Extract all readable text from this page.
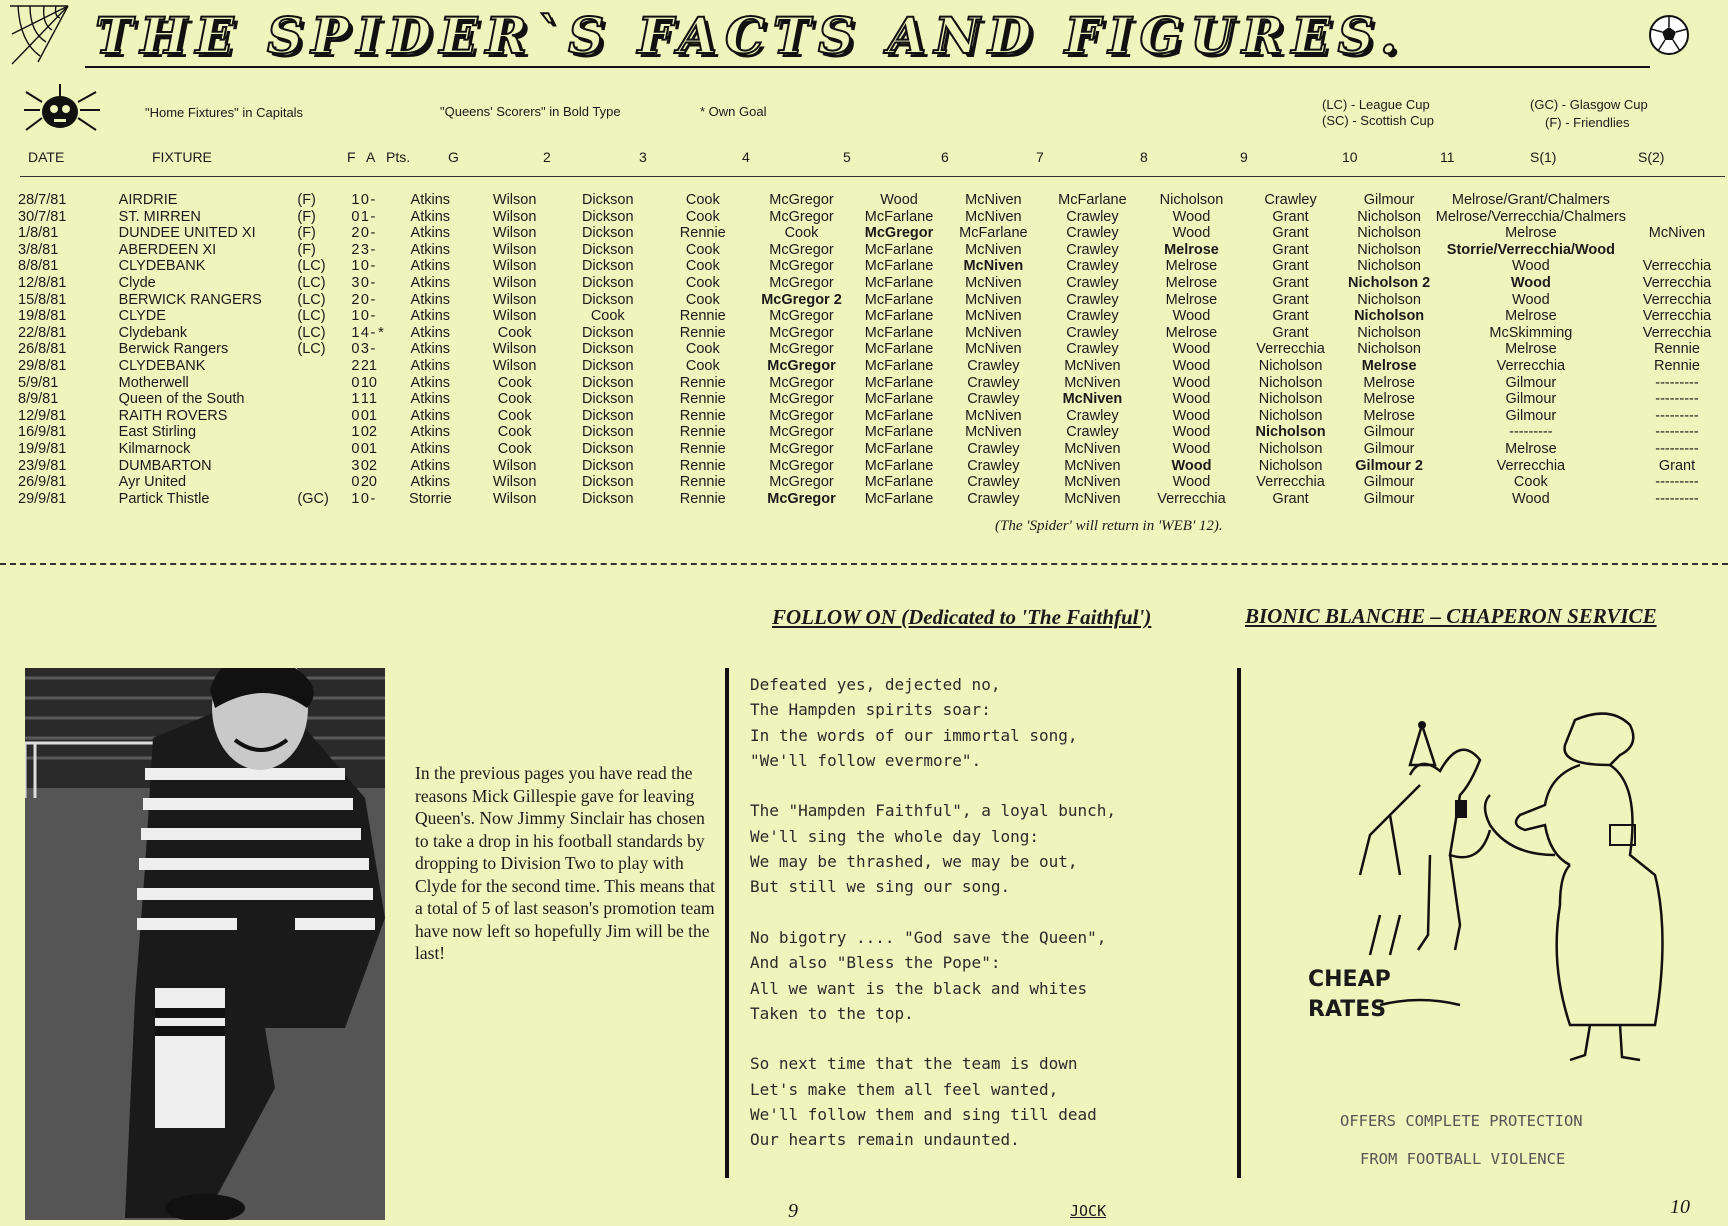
THE SPIDER`S FACTS AND FIGURES.
"Home Fixtures" in Capitals	"Queens' Scorers" in Bold Type	* Own Goal	(LC) - League Cup
(SC) - Scottish Cup
(GC) - Glasgow Cup
(F) - Friendlies
DATE	FIXTURE	F A Pts.	G	2	3	4	5	6	7	8	9	10	11	S(1)	S(2)
28/7/81	AIRDRIE	(F)	1	0	-			Atkins	Wilson	Dickson	Cook	McGregor	Wood	McNiven	McFarlane	Nicholson	Crawley	Gilmour	Melrose/Grant/Chalmers	
30/7/81	ST. MIRREN	(F)	0	1	-			Atkins	Wilson	Dickson	Cook	McGregor	McFarlane	McNiven	Crawley	Wood	Grant	Nicholson	Melrose/Verrecchia/Chalmers	
1/8/81	DUNDEE UNITED XI	(F)	2	0	-			Atkins	Wilson	Dickson	Rennie	Cook	McGregor	McFarlane	Crawley	Wood	Grant	Nicholson	Melrose	McNiven
3/8/81	ABERDEEN XI	(F)	2	3	-			Atkins	Wilson	Dickson	Cook	McGregor	McFarlane	McNiven	Crawley	Melrose	Grant	Nicholson	Storrie/Verrecchia/Wood	
8/8/81	CLYDEBANK	(LC)	1	0	-			Atkins	Wilson	Dickson	Cook	McGregor	McFarlane	McNiven	Crawley	Melrose	Grant	Nicholson	Wood	Verrecchia
12/8/81	Clyde	(LC)	3	0	-			Atkins	Wilson	Dickson	Cook	McGregor	McFarlane	McNiven	Crawley	Melrose	Grant	Nicholson 2	Wood	Verrecchia
15/8/81	BERWICK RANGERS	(LC)	2	0	-			Atkins	Wilson	Dickson	Cook	McGregor 2	McFarlane	McNiven	Crawley	Melrose	Grant	Nicholson	Wood	Verrecchia
19/8/81	CLYDE	(LC)	1	0	-			Atkins	Wilson	Cook	Rennie	McGregor	McFarlane	McNiven	Crawley	Wood	Grant	Nicholson	Melrose	Verrecchia
22/8/81	Clydebank	(LC)	1	4	-	*		Atkins	Cook	Dickson	Rennie	McGregor	McFarlane	McNiven	Crawley	Melrose	Grant	Nicholson	McSkimming	Verrecchia
26/8/81	Berwick Rangers	(LC)	0	3	-			Atkins	Wilson	Dickson	Cook	McGregor	McFarlane	McNiven	Crawley	Wood	Verrecchia	Nicholson	Melrose	Rennie
29/8/81	CLYDEBANK		2	2	1			Atkins	Wilson	Dickson	Cook	McGregor	McFarlane	Crawley	McNiven	Wood	Nicholson	Melrose	Verrecchia	Rennie
5/9/81	Motherwell		0	1	0			Atkins	Cook	Dickson	Rennie	McGregor	McFarlane	Crawley	McNiven	Wood	Nicholson	Melrose	Gilmour	---------
8/9/81	Queen of the South		1	1	1			Atkins	Cook	Dickson	Rennie	McGregor	McFarlane	Crawley	McNiven	Wood	Nicholson	Melrose	Gilmour	---------
12/9/81	RAITH ROVERS		0	0	1			Atkins	Cook	Dickson	Rennie	McGregor	McFarlane	McNiven	Crawley	Wood	Nicholson	Melrose	Gilmour	---------
16/9/81	East Stirling		1	0	2			Atkins	Cook	Dickson	Rennie	McGregor	McFarlane	McNiven	Crawley	Wood	Nicholson	Gilmour	---------	---------
19/9/81	Kilmarnock		0	0	1			Atkins	Cook	Dickson	Rennie	McGregor	McFarlane	Crawley	McNiven	Wood	Nicholson	Gilmour	Melrose	---------
23/9/81	DUMBARTON		3	0	2			Atkins	Wilson	Dickson	Rennie	McGregor	McFarlane	Crawley	McNiven	Wood	Nicholson	Gilmour 2	Verrecchia	Grant
26/9/81	Ayr United		0	2	0			Atkins	Wilson	Dickson	Rennie	McGregor	McFarlane	Crawley	McNiven	Wood	Verrecchia	Gilmour	Cook	---------
29/9/81	Partick Thistle	(GC)	1	0	-			Storrie	Wilson	Dickson	Rennie	McGregor	McFarlane	Crawley	McNiven	Verrecchia	Grant	Gilmour	Wood	---------
(The 'Spider' will return in 'WEB' 12).
In the previous pages you have read the reasons Mick Gillespie gave for leaving Queen's. Now Jimmy Sinclair has chosen to take a drop in his football standards by dropping to Division Two to play with Clyde for the second time. This means that a total of 5 of last season's promotion team have now left so hopefully Jim will be the last!
FOLLOW ON (Dedicated to 'The Faithful')	BIONIC BLANCHE – CHAPERON SERVICE
Defeated yes, dejected no,
The Hampden spirits soar:
In the words of our immortal song,
"We'll follow evermore".

The "Hampden Faithful", a loyal bunch,
We'll sing the whole day long:
We may be thrashed, we may be out,
But still we sing our song.

No bigotry .... "God save the Queen",
And also "Bless the Pope":
All we want is the black and whites
Taken to the top.

So next time that the team is down
Let's make them all feel wanted,
We'll follow them and sing till dead
Our hearts remain undaunted.
JOCK
CHEAP RATES
OFFERS COMPLETE PROTECTION
FROM FOOTBALL VIOLENCE
9	10
